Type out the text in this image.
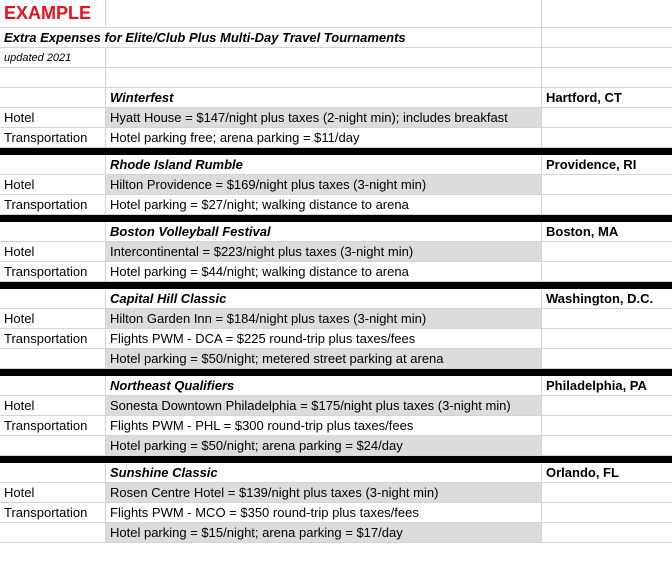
EXAMPLE
Extra Expenses for Elite/Club Plus Multi-Day Travel Tournaments
updated 2021
Winterfest	Hartford, CT
Hotel	Hyatt House = $147/night plus taxes (2-night min); includes breakfast
Transportation Hotel parking free; arena parking = $11/day
Rhode Island Rumble	Providence, RI
Hotel	Hilton Providence = $169/night plus taxes (3-night min)
Transportation Hotel parking = $27/night; walking distance to arena
Boston Volleyball Festival	Boston, MA
Hotel	Intercontinental = $223/night plus taxes (3-night min)
Transportation Hotel parking = $44/night; walking distance to arena
Capital Hill Classic	Washington, D.C.
Hotel	Hilton Garden Inn = $184/night plus taxes (3-night min)
Transportation Flights PWM - DCA = $225 round-trip plus taxes/fees
Hotel parking = $50/night; metered street parking at arena
Northeast Qualifiers	Philadelphia, PA
Hotel	Sonesta Downtown Philadelphia = $175/night plus taxes (3-night min)
Transportation Flights PWM - PHL = $300 round-trip plus taxes/fees
Hotel parking = $50/night; arena parking = $24/day
Sunshine Classic	Orlando, FL
Hotel	Rosen Centre Hotel = $139/night plus taxes (3-night min)
Transportation Flights PWM - MCO = $350 round-trip plus taxes/fees
Hotel parking = $15/night; arena parking = $17/day
